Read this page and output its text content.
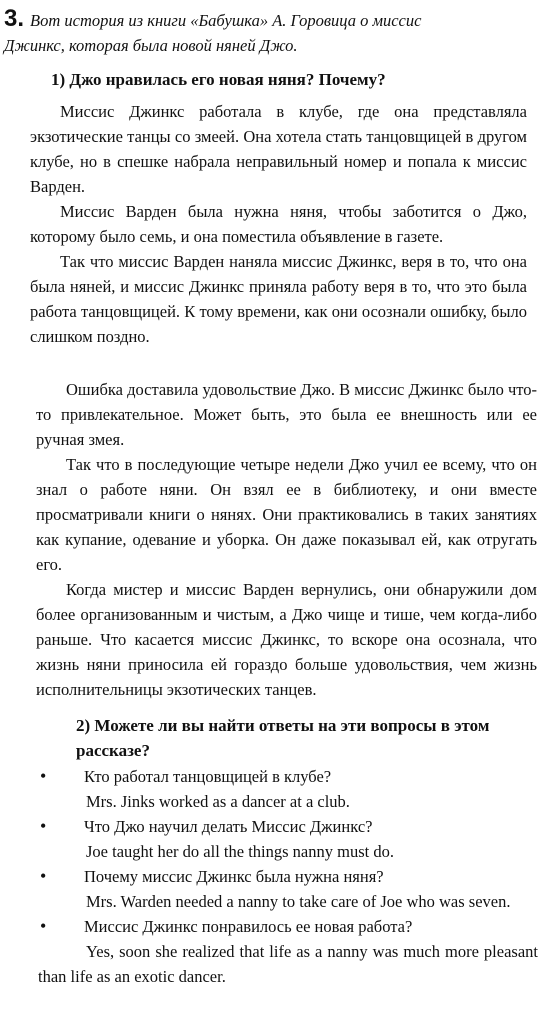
3. Вот история из книги «Бабушка» А. Горовица о миссис
Джинкс, которая была новой няней Джо.
1) Джо нравилась его новая няня? Почему?

Миссис Джинкс работала в клубе, где она представляла экзотические танцы со змеей. Она хотела стать танцовщицей в другом клубе, но в спешке набрала неправильный номер и попала к миссис Варден.

Миссис Варден была нужна няня, чтобы заботится о Джо, которому было семь, и она поместила объявление в газете.

Так что миссис Варден наняла миссис Джинкс, веря в то, что она была няней, и миссис Джинкс приняла работу веря в то, что это была работа танцовщицей. К тому времени, как они осознали ошибку, было слишком поздно.

Ошибка доставила удовольствие Джо. В миссис Джинкс было что-то привлекательное. Может быть, это была ее внешность или ее ручная змея.

Так что в последующие четыре недели Джо учил ее всему, что он знал о работе няни. Он взял ее в библиотеку, и они вместе просматривали книги о нянях. Они практиковались в таких занятиях как купание, одевание и уборка. Он даже показывал ей, как отругать его.

Когда мистер и миссис Варден вернулись, они обнаружили дом более организованным и чистым, а Джо чище и тише, чем когда-либо раньше. Что касается миссис Джинкс, то вскоре она осознала, что жизнь няни приносила ей гораздо больше удовольствия, чем жизнь исполнительницы экзотических танцев.

2) Можете ли вы найти ответы на эти вопросы в этом
рассказе?
• Кто работал танцовщицей в клубе?
Mrs. Jinks worked as a dancer at a club.
• Что Джо научил делать Миссис Джинкс?
Joe taught her do all the things nanny must do.
• Почему миссис Джинкс была нужна няня?
Mrs. Warden needed a nanny to take care of Joe who was seven.
• Миссис Джинкс понравилось ее новая работа?
Yes, soon she realized that life as a nanny was much more pleasant than life as an exotic dancer.
